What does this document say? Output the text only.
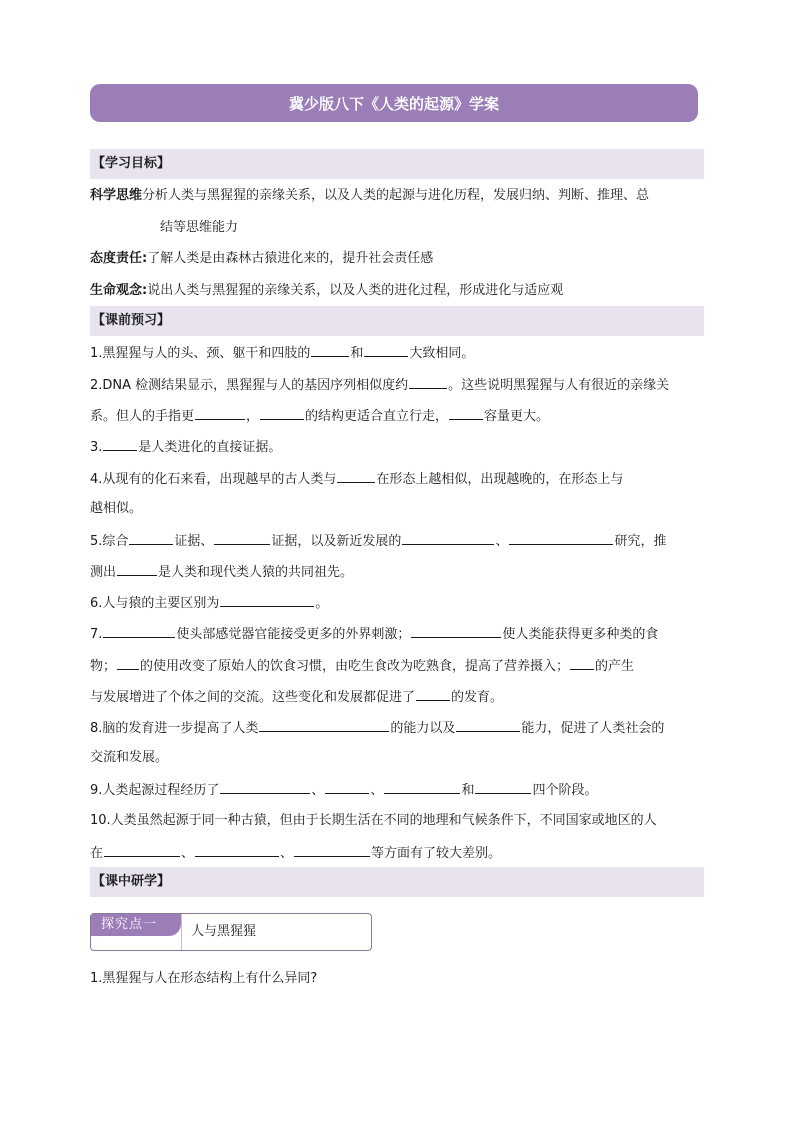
冀少版八下《人类的起源》学案
【学习目标】
科学思维分析人类与黑猩猩的亲缘关系，以及人类的起源与进化历程，发展归纳、判断、推理、总
结等思维能力
态度责任:了解人类是由森林古猿进化来的，提升社会责任感
生命观念:说出人类与黑猩猩的亲缘关系，以及人类的进化过程，形成进化与适应观
【课前预习】
1.黑猩猩与人的头、颈、躯干和四肢的	和	大致相同。
2.DNA 检测结果显示，黑猩猩与人的基因序列相似度约	。这些说明黑猩猩与人有很近的亲缘关
系。但人的手指更	，	的结构更适合直立行走，	容量更大。
3.	是人类进化的直接证据。
4.从现有的化石来看，出现越早的古人类与	在形态上越相似，出现越晚的，在形态上与
越相似。
5.综合	证据、	证据，以及新近发展的	、	研究，推
测出	是人类和现代类人猿的共同祖先。
6.人与猿的主要区别为	。
7.	使头部感觉器官能接受更多的外界刺激；	使人类能获得更多种类的食
物； 的使用改变了原始人的饮食习惯，由吃生食改为吃熟食，提高了营养摄入； 的产生
与发展增进了个体之间的交流。这些变化和发展都促进了	的发育。
8.脑的发育进一步提高了人类	的能力以及	能力，促进了人类社会的
交流和发展。
9.人类起源过程经历了	、	、	和	四个阶段。
10.人类虽然起源于同一种古猿，但由于长期生活在不同的地理和气候条件下，不同国家或地区的人
在	、	、	等方面有了较大差别。
【课中研学】
探究点一	人与黑猩猩
1.黑猩猩与人在形态结构上有什么异同?
